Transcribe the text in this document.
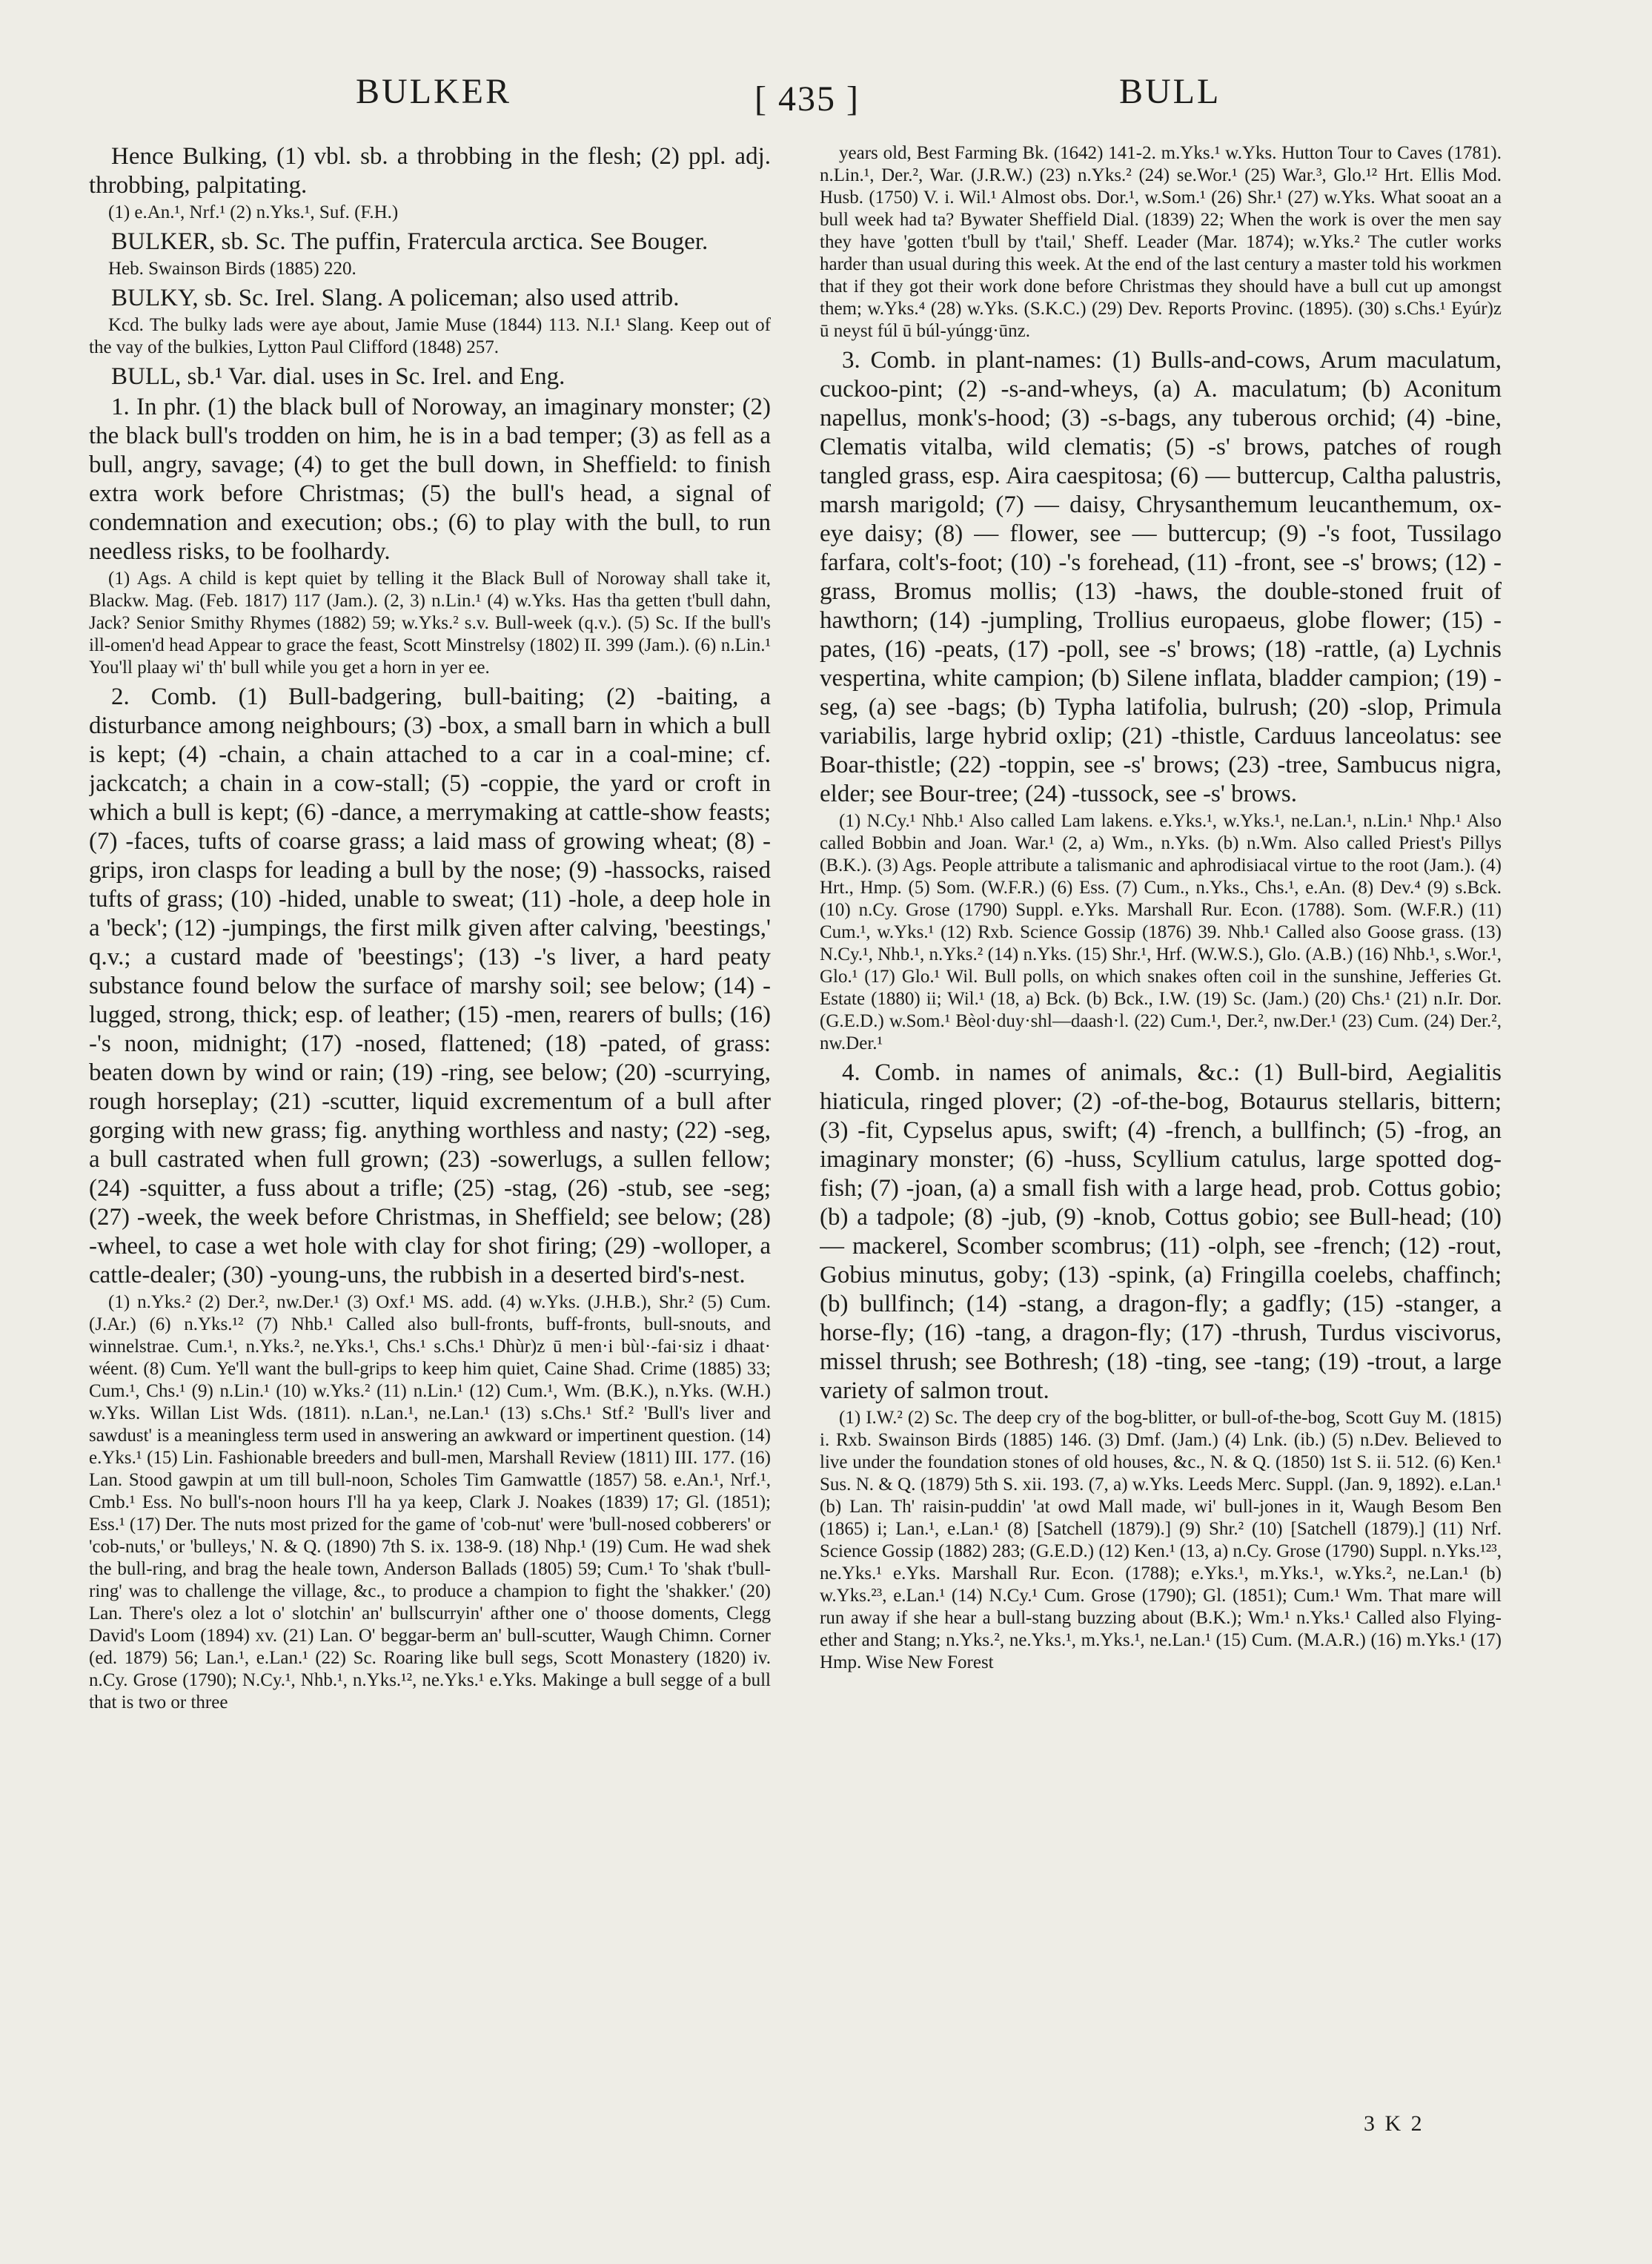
BULKER	[ 435 ]	BULL

Hence Bulking, (1) vbl. sb. a throbbing in the flesh; (2) ppl. adj. throbbing, palpitating.

(1) e.An.¹, Nrf.¹ (2) n.Yks.¹, Suf. (F.H.)

BULKER, sb. Sc. The puffin, Fratercula arctica. See Bouger.

Heb. Swainson Birds (1885) 220.

BULKY, sb. Sc. Irel. Slang. A policeman; also used attrib.

Kcd. The bulky lads were aye about, Jamie Muse (1844) 113. N.I.¹ Slang. Keep out of the vay of the bulkies, Lytton Paul Clifford (1848) 257.

BULL, sb.¹ Var. dial. uses in Sc. Irel. and Eng.

1. In phr. (1) the black bull of Noroway, an imaginary monster; (2) the black bull's trodden on him, he is in a bad temper; (3) as fell as a bull, angry, savage; (4) to get the bull down, in Sheffield: to finish extra work before Christmas; (5) the bull's head, a signal of condemnation and execution; obs.; (6) to play with the bull, to run needless risks, to be foolhardy.

(1) Ags. A child is kept quiet by telling it the Black Bull of Noroway shall take it, Blackw. Mag. (Feb. 1817) 117 (Jam.). (2, 3) n.Lin.¹ (4) w.Yks. Has tha getten t'bull dahn, Jack? Senior Smithy Rhymes (1882) 59; w.Yks.² s.v. Bull-week (q.v.). (5) Sc. If the bull's ill-omen'd head Appear to grace the feast, Scott Minstrelsy (1802) II. 399 (Jam.). (6) n.Lin.¹ You'll plaay wi' th' bull while you get a horn in yer ee.

2. Comb. (1) Bull-badgering, bull-baiting; (2) -baiting, a disturbance among neighbours; (3) -box, a small barn in which a bull is kept; (4) -chain, a chain attached to a car in a coal-mine; cf. jackcatch; a chain in a cow-stall; (5) -coppie, the yard or croft in which a bull is kept; (6) -dance, a merrymaking at cattle-show feasts; (7) -faces, tufts of coarse grass; a laid mass of growing wheat; (8) -grips, iron clasps for leading a bull by the nose; (9) -hassocks, raised tufts of grass; (10) -hided, unable to sweat; (11) -hole, a deep hole in a 'beck'; (12) -jumpings, the first milk given after calving, 'beestings,' q.v.; a custard made of 'beestings'; (13) -'s liver, a hard peaty substance found below the surface of marshy soil; see below; (14) -lugged, strong, thick; esp. of leather; (15) -men, rearers of bulls; (16) -'s noon, midnight; (17) -nosed, flattened; (18) -pated, of grass: beaten down by wind or rain; (19) -ring, see below; (20) -scurrying, rough horseplay; (21) -scutter, liquid excrementum of a bull after gorging with new grass; fig. anything worthless and nasty; (22) -seg, a bull castrated when full grown; (23) -sowerlugs, a sullen fellow; (24) -squitter, a fuss about a trifle; (25) -stag, (26) -stub, see -seg; (27) -week, the week before Christmas, in Sheffield; see below; (28) -wheel, to case a wet hole with clay for shot firing; (29) -wolloper, a cattle-dealer; (30) -young-uns, the rubbish in a deserted bird's-nest.

(1) n.Yks.² (2) Der.², nw.Der.¹ (3) Oxf.¹ MS. add. (4) w.Yks. (J.H.B.), Shr.² (5) Cum. (J.Ar.) (6) n.Yks.¹² (7) Nhb.¹ Called also bull-fronts, buff-fronts, bull-snouts, and winnelstrae. Cum.¹, n.Yks.², ne.Yks.¹, Chs.¹ s.Chs.¹ Dhùr)z ū men·i bùl·-fai·siz i dhaat· wéent. (8) Cum. Ye'll want the bull-grips to keep him quiet, Caine Shad. Crime (1885) 33; Cum.¹, Chs.¹ (9) n.Lin.¹ (10) w.Yks.² (11) n.Lin.¹ (12) Cum.¹, Wm. (B.K.), n.Yks. (W.H.) w.Yks. Willan List Wds. (1811). n.Lan.¹, ne.Lan.¹ (13) s.Chs.¹ Stf.² 'Bull's liver and sawdust' is a meaningless term used in answering an awkward or impertinent question. (14) e.Yks.¹ (15) Lin. Fashionable breeders and bull-men, Marshall Review (1811) III. 177. (16) Lan. Stood gawpin at um till bull-noon, Scholes Tim Gamwattle (1857) 58. e.An.¹, Nrf.¹, Cmb.¹ Ess. No bull's-noon hours I'll ha ya keep, Clark J. Noakes (1839) 17; Gl. (1851); Ess.¹ (17) Der. The nuts most prized for the game of 'cob-nut' were 'bull-nosed cobberers' or 'cob-nuts,' or 'bulleys,' N. & Q. (1890) 7th S. ix. 138-9. (18) Nhp.¹ (19) Cum. He wad shek the bull-ring, and brag the heale town, Anderson Ballads (1805) 59; Cum.¹ To 'shak t'bull-ring' was to challenge the village, &c., to produce a champion to fight the 'shakker.' (20) Lan. There's olez a lot o' slotchin' an' bullscurryin' afther one o' thoose doments, Clegg David's Loom (1894) xv. (21) Lan. O' beggar-berm an' bull-scutter, Waugh Chimn. Corner (ed. 1879) 56; Lan.¹, e.Lan.¹ (22) Sc. Roaring like bull segs, Scott Monastery (1820) iv. n.Cy. Grose (1790); N.Cy.¹, Nhb.¹, n.Yks.¹², ne.Yks.¹ e.Yks. Makinge a bull segge of a bull that is two or three

years old, Best Farming Bk. (1642) 141-2. m.Yks.¹ w.Yks. Hutton Tour to Caves (1781). n.Lin.¹, Der.², War. (J.R.W.) (23) n.Yks.² (24) se.Wor.¹ (25) War.³, Glo.¹² Hrt. Ellis Mod. Husb. (1750) V. i. Wil.¹ Almost obs. Dor.¹, w.Som.¹ (26) Shr.¹ (27) w.Yks. What sooat an a bull week had ta? Bywater Sheffield Dial. (1839) 22; When the work is over the men say they have 'gotten t'bull by t'tail,' Sheff. Leader (Mar. 1874); w.Yks.² The cutler works harder than usual during this week. At the end of the last century a master told his workmen that if they got their work done before Christmas they should have a bull cut up amongst them; w.Yks.⁴ (28) w.Yks. (S.K.C.) (29) Dev. Reports Provinc. (1895). (30) s.Chs.¹ Eyúr)z ū neyst fúl ū búl-yúngg·ūnz.

3. Comb. in plant-names: (1) Bulls-and-cows, Arum maculatum, cuckoo-pint; (2) -s-and-wheys, (a) A. maculatum; (b) Aconitum napellus, monk's-hood; (3) -s-bags, any tuberous orchid; (4) -bine, Clematis vitalba, wild clematis; (5) -s' brows, patches of rough tangled grass, esp. Aira caespitosa; (6) — buttercup, Caltha palustris, marsh marigold; (7) — daisy, Chrysanthemum leucanthemum, ox-eye daisy; (8) — flower, see — buttercup; (9) -'s foot, Tussilago farfara, colt's-foot; (10) -'s forehead, (11) -front, see -s' brows; (12) -grass, Bromus mollis; (13) -haws, the double-stoned fruit of hawthorn; (14) -jumpling, Trollius europaeus, globe flower; (15) -pates, (16) -peats, (17) -poll, see -s' brows; (18) -rattle, (a) Lychnis vespertina, white campion; (b) Silene inflata, bladder campion; (19) -seg, (a) see -bags; (b) Typha latifolia, bulrush; (20) -slop, Primula variabilis, large hybrid oxlip; (21) -thistle, Carduus lanceolatus: see Boar-thistle; (22) -toppin, see -s' brows; (23) -tree, Sambucus nigra, elder; see Bour-tree; (24) -tussock, see -s' brows.

(1) N.Cy.¹ Nhb.¹ Also called Lam lakens. e.Yks.¹, w.Yks.¹, ne.Lan.¹, n.Lin.¹ Nhp.¹ Also called Bobbin and Joan. War.¹ (2, a) Wm., n.Yks. (b) n.Wm. Also called Priest's Pillys (B.K.). (3) Ags. People attribute a talismanic and aphrodisiacal virtue to the root (Jam.). (4) Hrt., Hmp. (5) Som. (W.F.R.) (6) Ess. (7) Cum., n.Yks., Chs.¹, e.An. (8) Dev.⁴ (9) s.Bck. (10) n.Cy. Grose (1790) Suppl. e.Yks. Marshall Rur. Econ. (1788). Som. (W.F.R.) (11) Cum.¹, w.Yks.¹ (12) Rxb. Science Gossip (1876) 39. Nhb.¹ Called also Goose grass. (13) N.Cy.¹, Nhb.¹, n.Yks.² (14) n.Yks. (15) Shr.¹, Hrf. (W.W.S.), Glo. (A.B.) (16) Nhb.¹, s.Wor.¹, Glo.¹ (17) Glo.¹ Wil. Bull polls, on which snakes often coil in the sunshine, Jefferies Gt. Estate (1880) ii; Wil.¹ (18, a) Bck. (b) Bck., I.W. (19) Sc. (Jam.) (20) Chs.¹ (21) n.Ir. Dor. (G.E.D.) w.Som.¹ Bèol·duy·shl—daash·l. (22) Cum.¹, Der.², nw.Der.¹ (23) Cum. (24) Der.², nw.Der.¹

4. Comb. in names of animals, &c.: (1) Bull-bird, Aegialitis hiaticula, ringed plover; (2) -of-the-bog, Botaurus stellaris, bittern; (3) -fit, Cypselus apus, swift; (4) -french, a bullfinch; (5) -frog, an imaginary monster; (6) -huss, Scyllium catulus, large spotted dog-fish; (7) -joan, (a) a small fish with a large head, prob. Cottus gobio; (b) a tadpole; (8) -jub, (9) -knob, Cottus gobio; see Bull-head; (10) — mackerel, Scomber scombrus; (11) -olph, see -french; (12) -rout, Gobius minutus, goby; (13) -spink, (a) Fringilla coelebs, chaffinch; (b) bullfinch; (14) -stang, a dragon-fly; a gadfly; (15) -stanger, a horse-fly; (16) -tang, a dragon-fly; (17) -thrush, Turdus viscivorus, missel thrush; see Bothresh; (18) -ting, see -tang; (19) -trout, a large variety of salmon trout.

(1) I.W.² (2) Sc. The deep cry of the bog-blitter, or bull-of-the-bog, Scott Guy M. (1815) i. Rxb. Swainson Birds (1885) 146. (3) Dmf. (Jam.) (4) Lnk. (ib.) (5) n.Dev. Believed to live under the foundation stones of old houses, &c., N. & Q. (1850) 1st S. ii. 512. (6) Ken.¹ Sus. N. & Q. (1879) 5th S. xii. 193. (7, a) w.Yks. Leeds Merc. Suppl. (Jan. 9, 1892). e.Lan.¹ (b) Lan. Th' raisin-puddin' 'at owd Mall made, wi' bull-jones in it, Waugh Besom Ben (1865) i; Lan.¹, e.Lan.¹ (8) [Satchell (1879).] (9) Shr.² (10) [Satchell (1879).] (11) Nrf. Science Gossip (1882) 283; (G.E.D.) (12) Ken.¹ (13, a) n.Cy. Grose (1790) Suppl. n.Yks.¹²³, ne.Yks.¹ e.Yks. Marshall Rur. Econ. (1788); e.Yks.¹, m.Yks.¹, w.Yks.², ne.Lan.¹ (b) w.Yks.²³, e.Lan.¹ (14) N.Cy.¹ Cum. Grose (1790); Gl. (1851); Cum.¹ Wm. That mare will run away if she hear a bull-stang buzzing about (B.K.); Wm.¹ n.Yks.¹ Called also Flying-ether and Stang; n.Yks.², ne.Yks.¹, m.Yks.¹, ne.Lan.¹ (15) Cum. (M.A.R.) (16) m.Yks.¹ (17) Hmp. Wise New Forest

3 K 2
